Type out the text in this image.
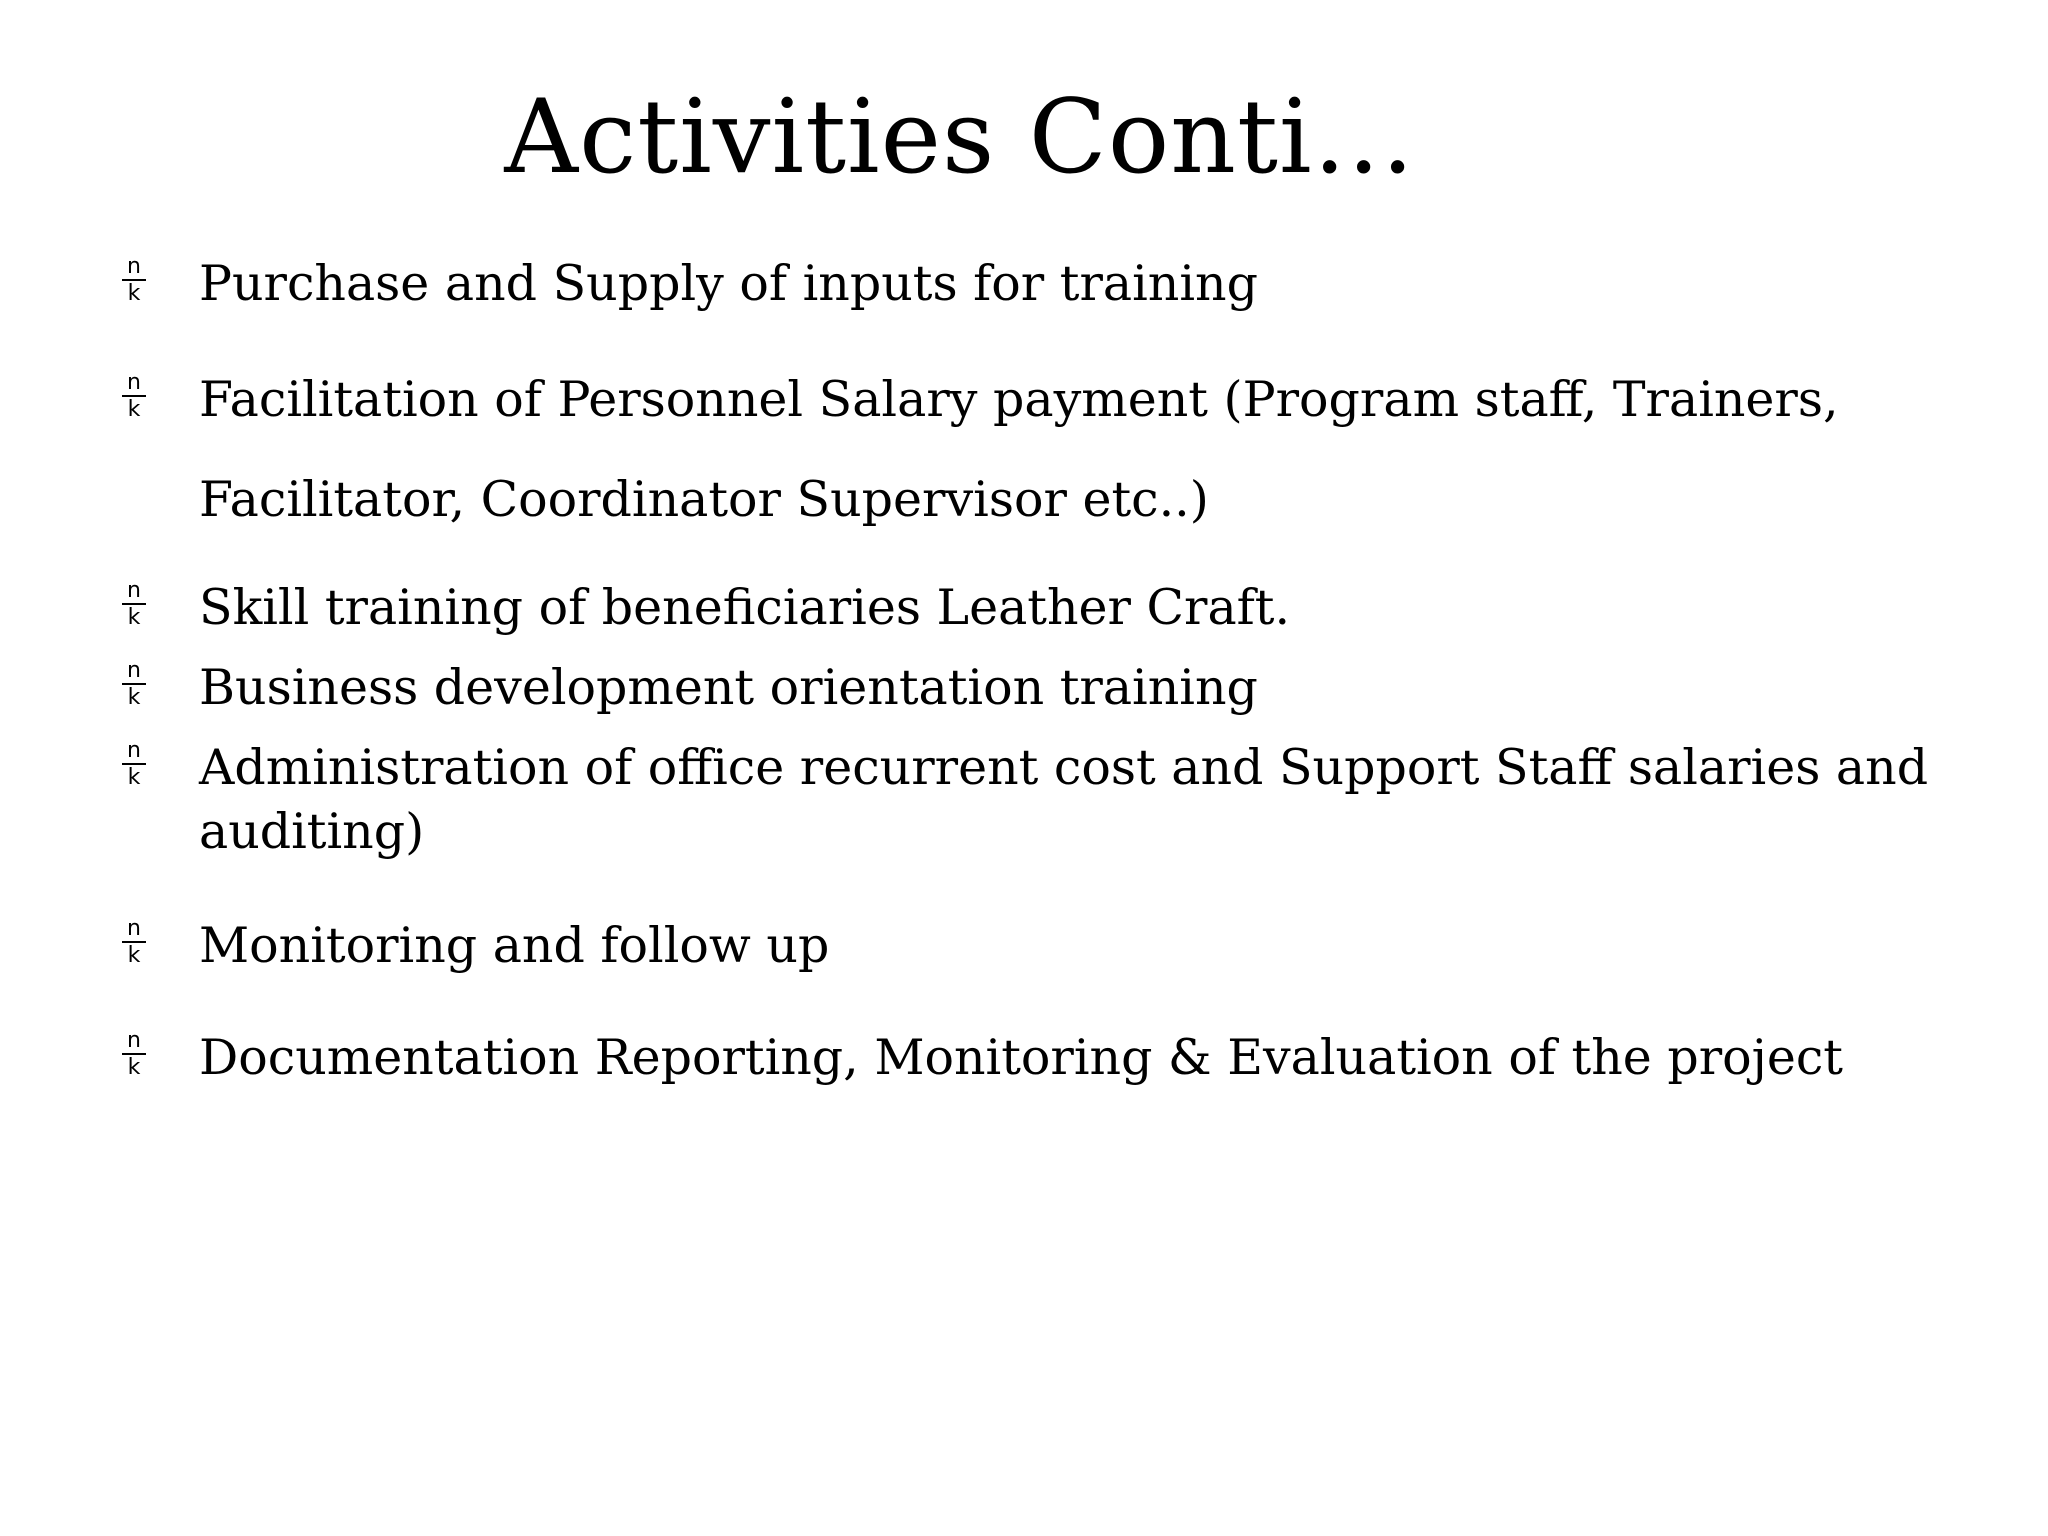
Activities Conti…
n
k Purchase and Supply of inputs for training
n
k Facilitation of Personnel Salary payment (Program staff, Trainers, Facilitator, Coordinator Supervisor etc..)
n
k Skill training of beneficiaries Leather Craft.
n
k Business development orientation training
n
k Administration of office recurrent cost and Support Staff salaries and auditing)
n
k Monitoring and follow up
n
k Documentation Reporting, Monitoring & Evaluation of the project
